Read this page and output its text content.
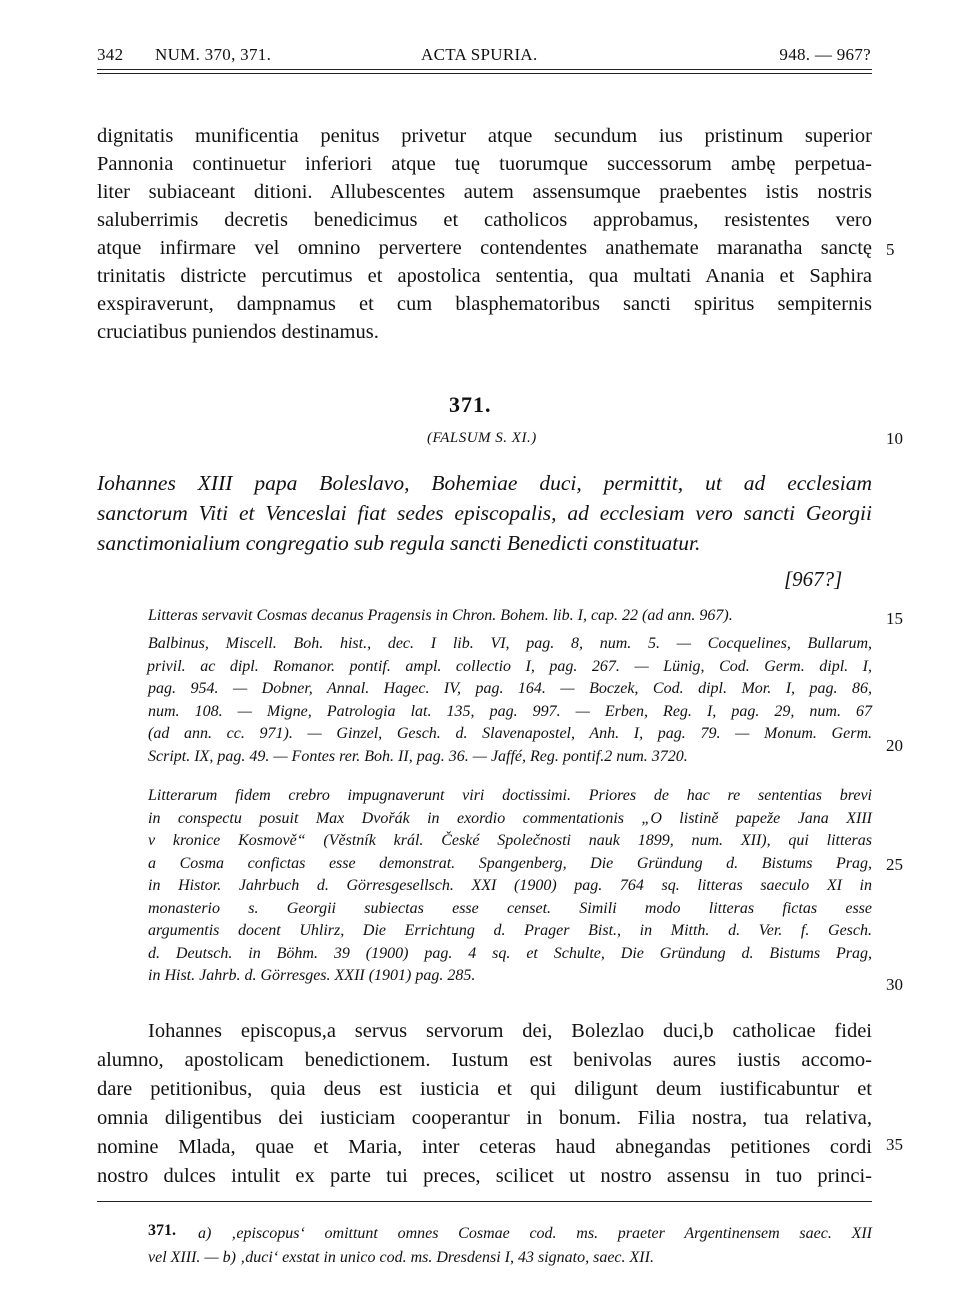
342 NUM. 370, 371.	ACTA SPURIA.	948. — 967?
dignitatis munificentia penitus privetur atque secundum ius pristinum superior
Pannonia continuetur inferiori atque tuę tuorumque successorum ambę perpetua-
liter subiaceant ditioni. Allubescentes autem assensumque praebentes istis nostris
saluberrimis decretis benedicimus et catholicos approbamus, resistentes vero
atque infirmare vel omnino pervertere contendentes anathemate maranatha sanctę
trinitatis districte percutimus et apostolica sententia, qua multati Anania et Saphira
exspiraverunt, dampnamus et cum blasphematoribus sancti spiritus sempiternis
cruciatibus puniendos destinamus.
5
10
15
20
25
30
35
371.
(FALSUM S. XI.)
Iohannes XIII papa Boleslavo, Bohemiae duci, permittit, ut ad ecclesiam
sanctorum Viti et Venceslai fiat sedes episcopalis, ad ecclesiam vero sancti Georgii
sanctimonialium congregatio sub regula sancti Benedicti constituatur.
[967?]
Litteras servavit Cosmas decanus Pragensis in Chron. Bohem. lib. I, cap. 22 (ad ann. 967).
Balbinus, Miscell. Boh. hist., dec. I lib. VI, pag. 8, num. 5. — Cocquelines, Bullarum,
privil. ac dipl. Romanor. pontif. ampl. collectio I, pag. 267. — Lünig, Cod. Germ. dipl. I,
pag. 954. — Dobner, Annal. Hagec. IV, pag. 164. — Boczek, Cod. dipl. Mor. I, pag. 86,
num. 108. — Migne, Patrologia lat. 135, pag. 997. — Erben, Reg. I, pag. 29, num. 67
(ad ann. cc. 971). — Ginzel, Gesch. d. Slavenapostel, Anh. I, pag. 79. — Monum. Germ.
Script. IX, pag. 49. — Fontes rer. Boh. II, pag. 36. — Jaffé, Reg. pontif.2 num. 3720.
Litterarum fidem crebro impugnaverunt viri doctissimi. Priores de hac re sententias brevi
in conspectu posuit Max Dvořák in exordio commentationis „O listině papeže Jana XIII
v kronice Kosmově“ (Věstník král. České Společnosti nauk 1899, num. XII), qui litteras
a Cosma confictas esse demonstrat. Spangenberg, Die Gründung d. Bistums Prag,
in Histor. Jahrbuch d. Görresgesellsch. XXI (1900) pag. 764 sq. litteras saeculo XI in
monasterio s. Georgii subiectas esse censet. Simili modo litteras fictas esse
argumentis docent Uhlirz, Die Errichtung d. Prager Bist., in Mitth. d. Ver. f. Gesch.
d. Deutsch. in Böhm. 39 (1900) pag. 4 sq. et Schulte, Die Gründung d. Bistums Prag,
in Hist. Jahrb. d. Görresges. XXII (1901) pag. 285.
Iohannes episcopus,a servus servorum dei, Bolezlao duci,b catholicae fidei
alumno, apostolicam benedictionem. Iustum est benivolas aures iustis accomo-
dare petitionibus, quia deus est iusticia et qui diligunt deum iustificabuntur et
omnia diligentibus dei iusticiam cooperantur in bonum. Filia nostra, tua relativa,
nomine Mlada, quae et Maria, inter ceteras haud abnegandas petitiones cordi
nostro dulces intulit ex parte tui preces, scilicet ut nostro assensu in tuo princi-
371. a) ‚episcopus‘ omittunt omnes Cosmae cod. ms. praeter Argentinensem saec. XII
vel XIII. — b) ‚duci‘ exstat in unico cod. ms. Dresdensi I, 43 signato, saec. XII.
